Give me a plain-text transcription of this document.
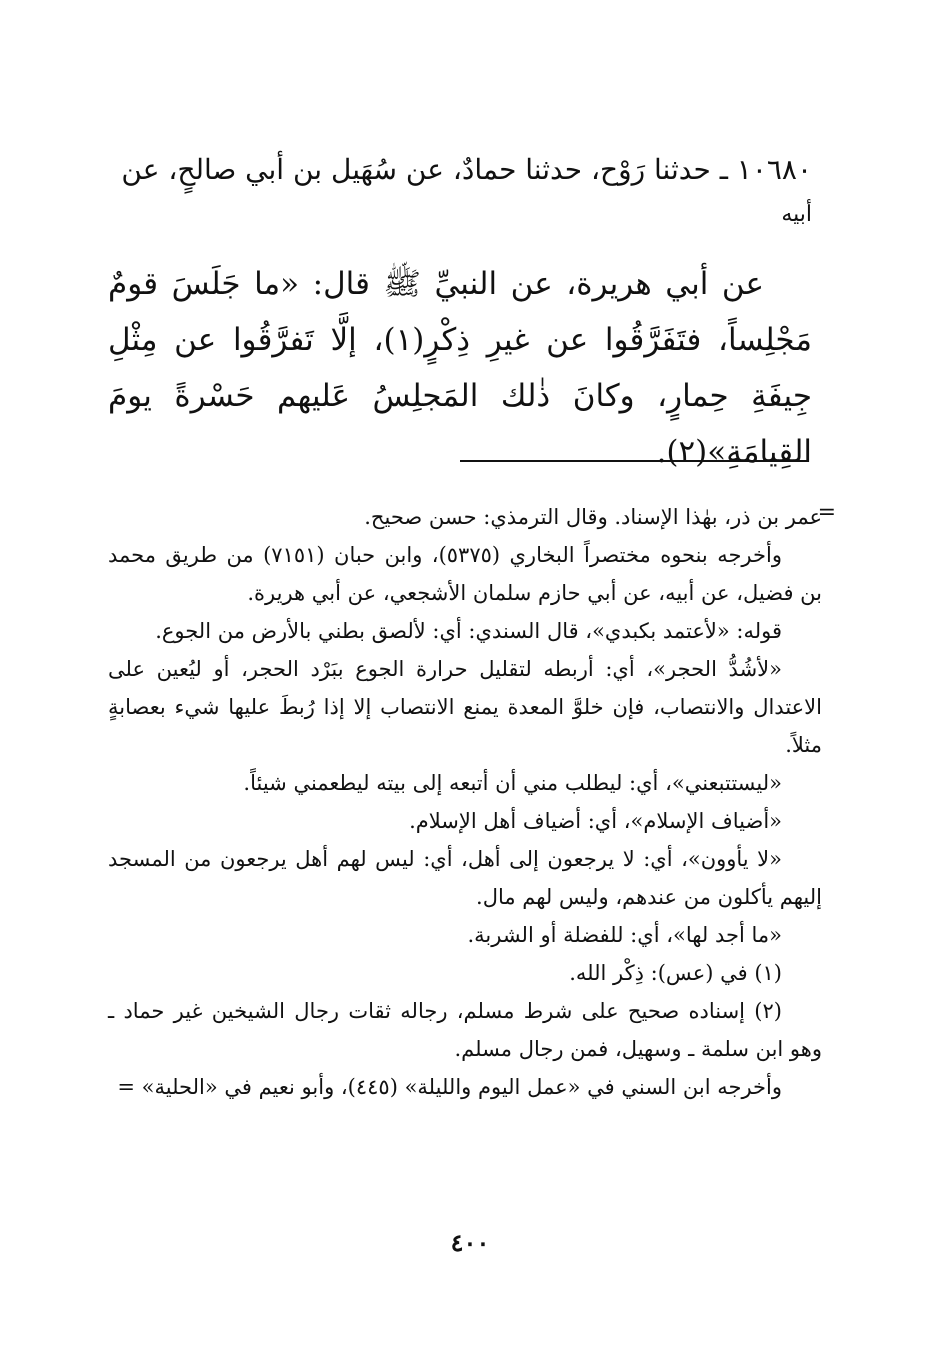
١٠٦٨٠ ـ حدثنا رَوْح، حدثنا حمادٌ، عن سُهَيل بن أبي صالحٍ، عن
أبيه
عن أبي هريرة، عن النبيِّ ﷺ قال: «ما جَلَسَ قومٌ مَجْلِساً، فتَفَرَّقُوا عن غيرِ ذِكْرٍ(١)، إلَّا تَفرَّقُوا عن مِثْلِ جِيفَةِ حِمارٍ، وكانَ ذٰلك المَجلِسُ عَليهم حَسْرةً يومَ القِيامَةِ»(٢).
=

عمر بن ذر، بهٰذا الإسناد. وقال الترمذي: حسن صحيح.

وأخرجه بنحوه مختصراً البخاري (٥٣٧٥)، وابن حبان (٧١٥١) من طريق محمد بن فضيل، عن أبيه، عن أبي حازم سلمان الأشجعي، عن أبي هريرة.

قوله: «لأعتمد بكبدي»، قال السندي: أي: لألصق بطني بالأرض من الجوع.

«لأشُدُّ الحجر»، أي: أربطه لتقليل حرارة الجوع ببَرْد الحجر، أو ليُعين على الاعتدال والانتصاب، فإن خلوَّ المعدة يمنع الانتصاب إلا إذا رُبطَ عليها شيء بعصابةٍ مثلاً.

«ليستتبعني»، أي: ليطلب مني أن أتبعه إلى بيته ليطعمني شيئاً.

«أضياف الإسلام»، أي: أضياف أهل الإسلام.

«لا يأوون»، أي: لا يرجعون إلى أهل، أي: ليس لهم أهل يرجعون من المسجد إليهم يأكلون من عندهم، وليس لهم مال.

«ما أجد لها»، أي: للفضلة أو الشربة.

(١) في (عس): ذِكْر الله.

(٢) إسناده صحيح على شرط مسلم، رجاله ثقات رجال الشيخين غير حماد ـ وهو ابن سلمة ـ وسهيل، فمن رجال مسلم.

وأخرجه ابن السني في «عمل اليوم والليلة» (٤٤٥)، وأبو نعيم في «الحلية» =

٤٠٠
